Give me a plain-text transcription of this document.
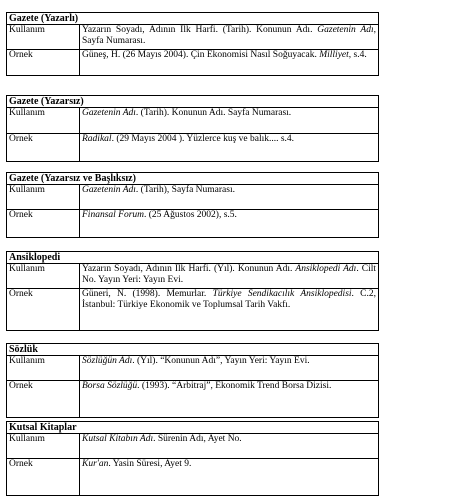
Gazete (Yazarlı)
Kullanım	Yazarın Soyadı, Adının İlk Harfi. (Tarih). Konunun Adı. Gazetenin Adı, Sayfa Numarası.
Örnek	Güneş, H. (26 Mayıs 2004). Çin Ekonomisi Nasıl Soğuyacak. Milliyet, s.4.
Gazete (Yazarsız)
Kullanım	Gazetenin Adı. (Tarih). Konunun Adı. Sayfa Numarası.
Örnek	Radikal. (29 Mayıs 2004 ). Yüzlerce kuş ve balık.... s.4.
Gazete (Yazarsız ve Başlıksız)
Kullanım	Gazetenin Adı. (Tarih), Sayfa Numarası.
Örnek	Finansal Forum. (25 Ağustos 2002), s.5.
Ansiklopedi
Kullanım	Yazarın Soyadı, Adının İlk Harfi. (Yıl). Konunun Adı. Ansiklopedi Adı. Cilt No. Yayın Yeri: Yayın Evi.
Örnek	Güneri, N. (1998). Memurlar. Türkiye Sendikacılık Ansiklopedisi. C.2, İstanbul: Türkiye Ekonomik ve Toplumsal Tarih Vakfı.
Sözlük
Kullanım	Sözlüğün Adı. (Yıl). “Konunun Adı”, Yayın Yeri: Yayın Evi.
Örnek	Borsa Sözlüğü. (1993). “Arbitraj”, Ekonomik Trend Borsa Dizisi.
Kutsal Kitaplar
Kullanım	Kutsal Kitabın Adı. Sürenin Adı, Ayet No.
Örnek	Kur'an. Yasin Süresi, Ayet 9.
